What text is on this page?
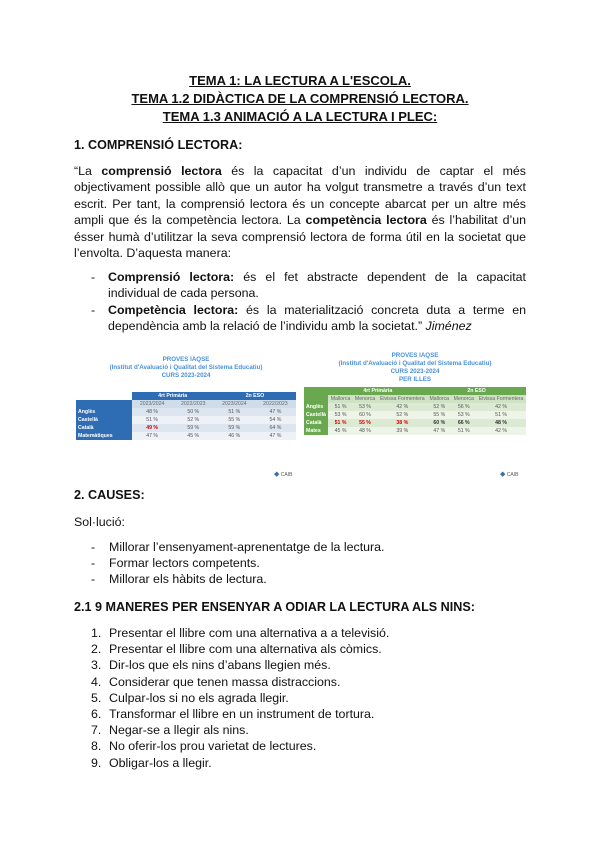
TEMA 1: LA LECTURA A L'ESCOLA.
TEMA 1.2 DIDÀCTICA DE LA COMPRENSIÓ LECTORA.
TEMA 1.3 ANIMACIÓ A LA LECTURA I PLEC:
1. COMPRENSIÓ LECTORA:
“La comprensió lectora és la capacitat d’un individu de captar el més objectivament possible allò que un autor ha volgut transmetre a través d’un text escrit. Per tant, la comprensió lectora és un concepte abarcat per un altre més ampli que és la competència lectora. La competència lectora és l’habilitat d’un ésser humà d’utilitzar la seva comprensió lectora de forma útil en la societat que l’envolta. D’aquesta manera:
- Comprensió lectora: és el fet abstracte dependent de la capacitat individual de cada persona.
- Competència lectora: és la materialització concreta duta a terme en dependència amb la relació de l’individu amb la societat.” Jiménez
PROVES IAQSE
(Institut d'Avaluació i Qualitat del Sistema Educatiu)
CURS 2023-2024
	4rt Primària		2n ESO	
	2023/2024	2022/2023	2023/2024	2022/2023
Anglès	48 %	50 %	51 %	47 %
Castellà	51 %	52 %	55 %	54 %
Català	49 %	59 %	59 %	64 %
Matemàtiques	47 %	45 %	46 %	47 %
◆ CAIB
PROVES IAQSE
(Institut d'Avaluació i Qualitat del Sistema Educatiu)
CURS 2023-2024
PER ILLES
	4rt Primària			2n ESO		
	Mallorca	Menorca	Eivissa Formentera	Mallorca	Menorca	Eivissa Formentera
Anglès	51 %	53 %	42 %	52 %	56 %	42 %
Castellà	53 %	60 %	52 %	55 %	53 %	51 %
Català	51 %	55 %	38 %	60 %	66 %	48 %
Mates	45 %	48 %	39 %	47 %	51 %	42 %
◆ CAIB
2. CAUSES:
Sol·lució:
- Millorar l’ensenyament-aprenentatge de la lectura.
- Formar lectors competents.
- Millorar els hàbits de lectura.
2.1 9 MANERES PER ENSENYAR A ODIAR LA LECTURA ALS NINS:
1. Presentar el llibre com una alternativa a a televisió.
2. Presentar el llibre com una alternativa als còmics.
3. Dir-los que els nins d’abans llegien més.
4. Considerar que tenen massa distraccions.
5. Culpar-los si no els agrada llegir.
6. Transformar el llibre en un instrument de tortura.
7. Negar-se a llegir als nins.
8. No oferir-los prou varietat de lectures.
9. Obligar-los a llegir.
